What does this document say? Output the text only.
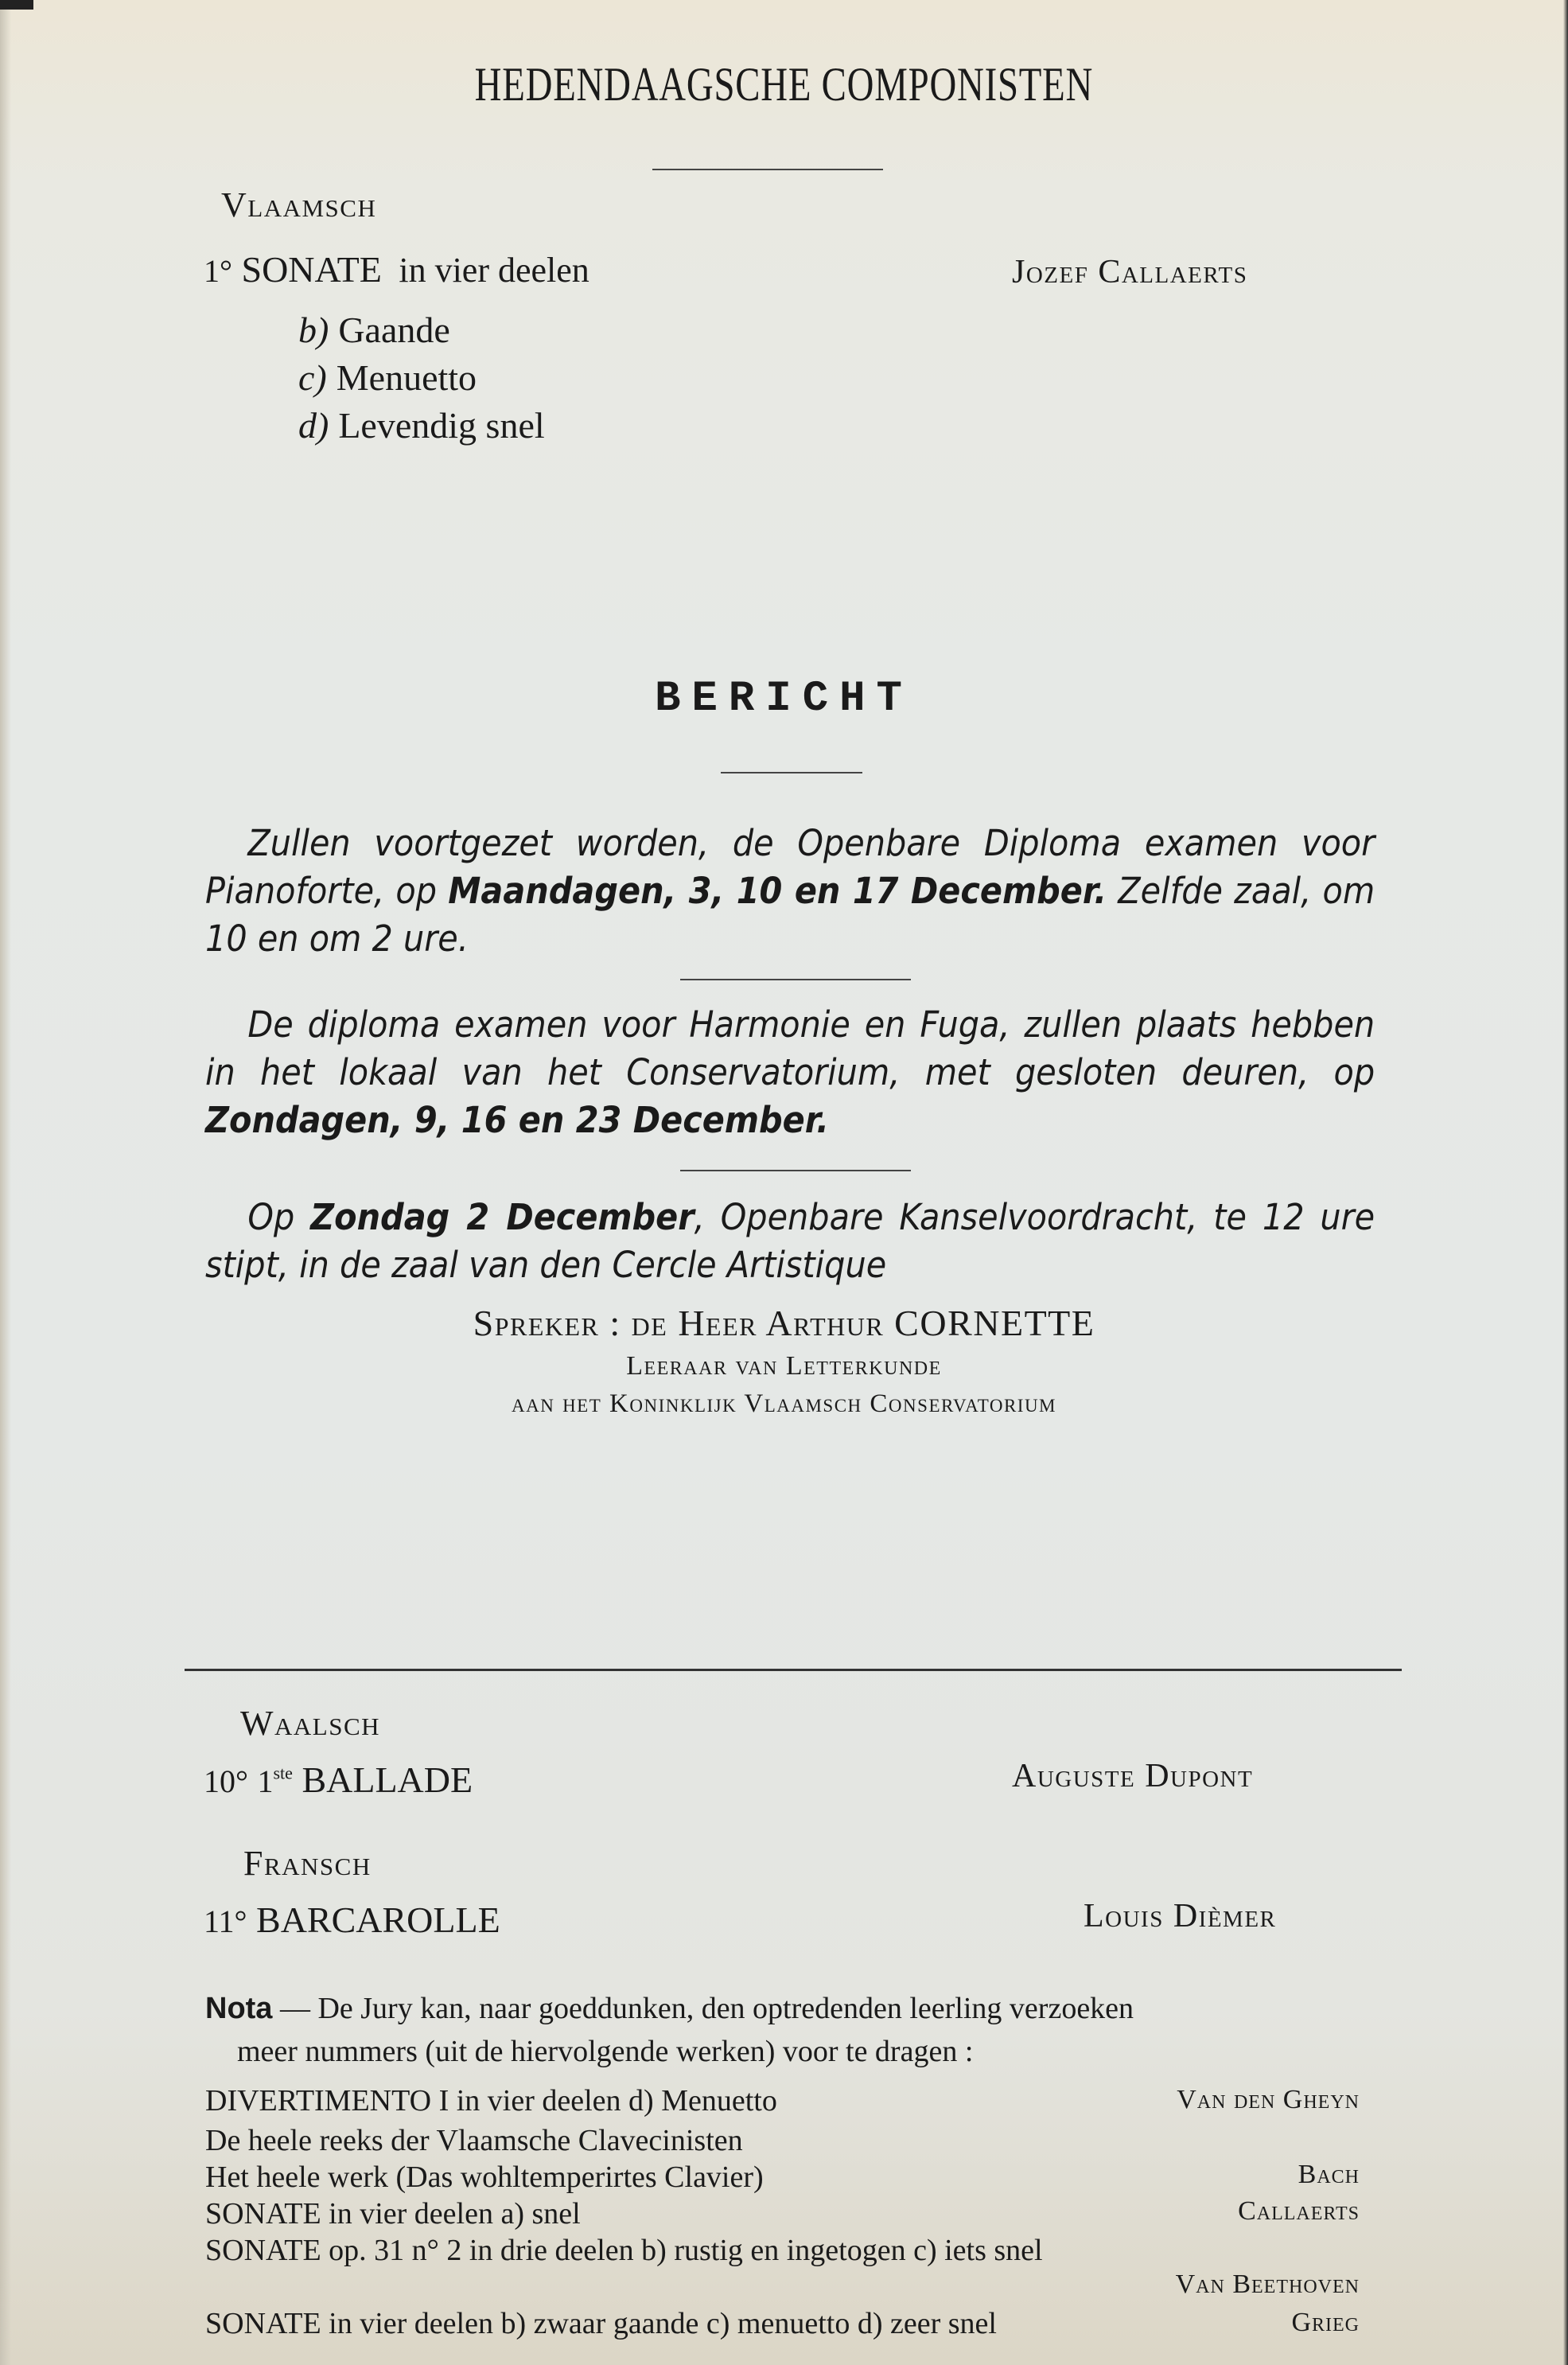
HEDENDAAGSCHE COMPONISTEN
Vlaamsch
1° SONATE in vier deelen	Jozef Callaerts
b) Gaande
c) Menuetto
d) Levendig snel
BERICHT
Zullen voortgezet worden, de Openbare Diploma examen voor Pianoforte, op Maandagen, 3, 10 en 17 December. Zelfde zaal, om 10 en om 2 ure.
De diploma examen voor Harmonie en Fuga, zullen plaats hebben in het lokaal van het Conservatorium, met gesloten deuren, op Zondagen, 9, 16 en 23 December.
Op Zondag 2 December, Openbare Kanselvoordracht, te 12 ure stipt, in de zaal van den Cercle Artistique
Spreker : de Heer Arthur CORNETTE
Leeraar van Letterkunde
aan het Koninklijk Vlaamsch Conservatorium
Waalsch
10° 1ste BALLADE	Auguste Dupont
Fransch
11° BARCAROLLE	Louis Dièmer
Nota — De Jury kan, naar goeddunken, den optredenden leerling verzoeken
meer nummers (uit de hiervolgende werken) voor te dragen :
DIVERTIMENTO I in vier deelen d) Menuetto	Van den Gheyn
De heele reeks der Vlaamsche Clavecinisten
Het heele werk (Das wohltemperirtes Clavier)	Bach
SONATE in vier deelen a) snel	Callaerts
SONATE op. 31 n° 2 in drie deelen b) rustig en ingetogen c) iets snel
Van Beethoven
SONATE in vier deelen b) zwaar gaande c) menuetto d) zeer snel	Grieg
